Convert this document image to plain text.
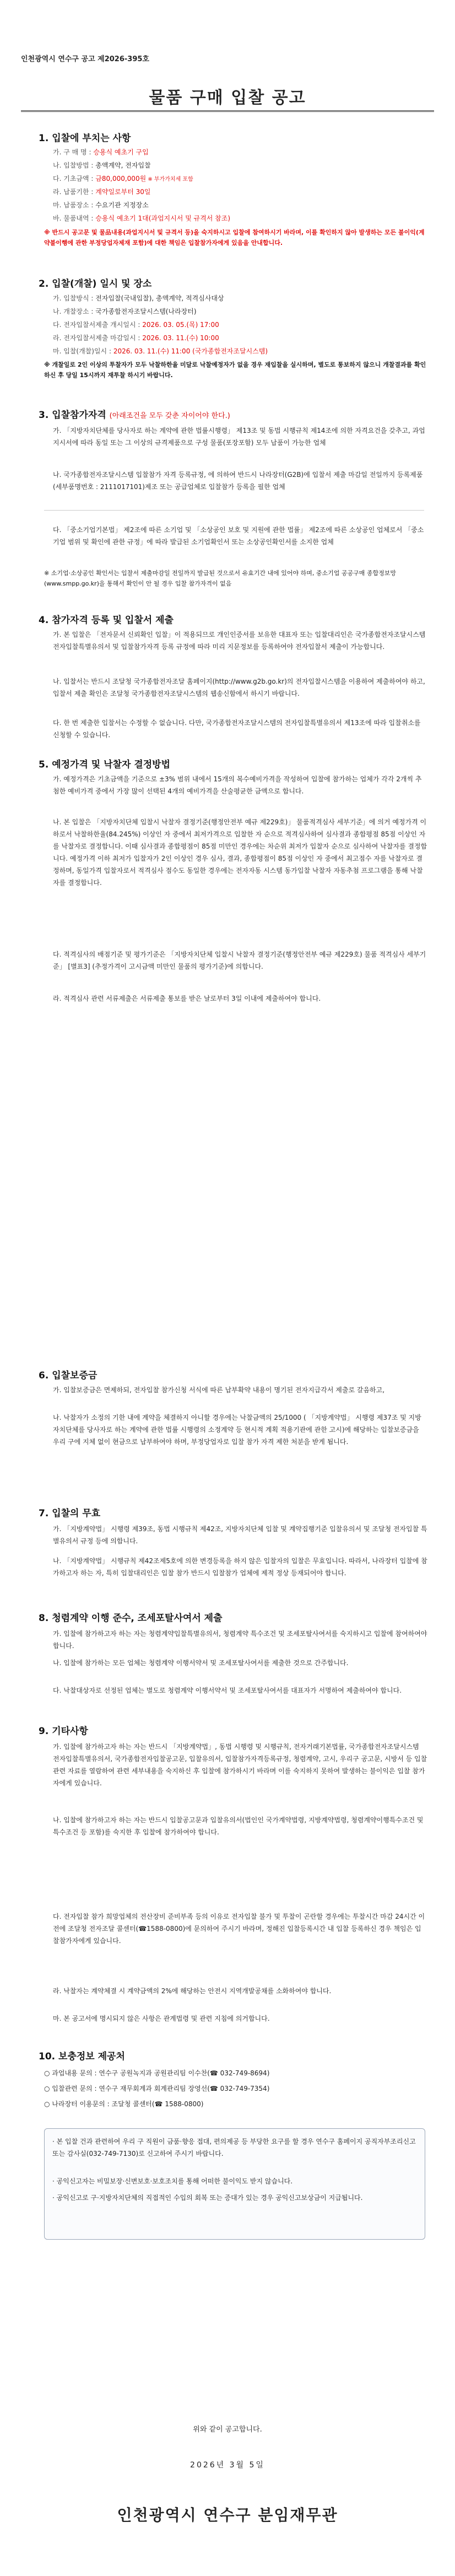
인천광역시 연수구 공고 제2026-395호
물품 구매 입찰 공고
1. 입찰에 부치는 사항
가. 구 매 명 : 승용식 예초기 구입
나. 입찰방법 : 총액계약, 전자입찰
다. 기초금액 : 금80,000,000원 ※ 부가가치세 포함
라. 납품기한 : 계약일로부터 30일
마. 납품장소 : 수요기관 지정장소
바. 물품내역 : 승용식 예초기 1대(과업지시서 및 규격서 참조)
※ 반드시 공고문 및 물品내용(과업지시서 및 규격서 등)을 숙지하시고 입찰에 참여하시기 바라며, 이를 확인하지 않아 발생하는 모든 불이익(계약불이행에 관한 부정당업자제재 포함)에 대한 책임은 입찰참가자에게 있음을 안내합니다.
2. 입찰(개찰) 일시 및 장소
가. 입찰방식 : 전자입찰(국내입찰), 총액계약, 적격심사대상
나. 개찰장소 : 국가종합전자조달시스템(나라장터)
다. 전자입찰서제출 개시일시 : 2026. 03. 05.(목) 17:00
라. 전자입찰서제출 마감일시 : 2026. 03. 11.(수) 10:00
마. 입찰(개찰)일시 : 2026. 03. 11.(수) 11:00 (국가종합전자조달시스템)
※ 개찰일로 2인 이상의 투찰자가 모두 낙찰하한율 미달로 낙찰예정자가 없을 경우 재입찰을 실시하며, 별도로 통보하지 않으니 개찰결과를 확인하신 후 당일 15시까지 재투찰 하시기 바랍니다.
3. 입찰참가자격 (아래조건을 모두 갖춘 자이어야 한다.)
가. 「지방자치단체를 당사자로 하는 계약에 관한 법률시행령」 제13조 및 동법 시행규칙 제14조에 의한 자격요건을 갖추고, 과업지시서에 따라 동일 또는 그 이상의 규격제품으로 구성 물품(포장포함) 모두 납품이 가능한 업체
나. 국가종합전자조달시스템 입찰참가 자격 등록규정, 에 의하여 반드시 나라장터(G2B)에 입찰서 제출 마감일 전일까지 등록제품(세부품명번호 : 2111017101)제조 또는 공급업체로 입찰참가 등록을 필한 업체
다. 「중소기업기본법」 제2조에 따른 소기업 및 「소상공인 보호 및 지원에 관한 법률」 제2조에 따른 소상공인 업체로서 「중소기업 범위 및 확인에 관한 규정」에 따라 발급된 소기업확인서 또는 소상공인확인서를 소지한 업체
※ 소기업·소상공인 확인서는 입찰서 제출마감일 전일까지 발급된 것으로서 유효기간 내에 있어야 하며, 중소기업 공공구매 종합정보망(www.smpp.go.kr)을 통해서 확인이 안 될 경우 입찰 참가자격이 없음
4. 참가자격 등록 및 입찰서 제출
가. 본 입찰은 「전자문서 신뢰확인 입찰」이 적용되므로 개인인증서를 보유한 대표자 또는 입찰대리인은 국가종합전자조달시스템 전자입찰특별유의서 및 입찰참가자격 등록 규정에 따라 미리 지문정보를 등록하여야 전자입찰서 제출이 가능합니다.
나. 입찰서는 반드시 조달청 국가종합전자조달 홈페이지(http://www.g2b.go.kr)의 전자입찰시스템을 이용하여 제출하여야 하고, 입찰서 제출 확인은 조달청 국가종합전자조달시스템의 웹송신함에서 하시기 바랍니다.
다. 한 번 제출한 입찰서는 수정할 수 없습니다. 다만, 국가종합전자조달시스템의 전자입찰특별유의서 제13조에 따라 입찰취소를 신청할 수 있습니다.
5. 예정가격 및 낙찰자 결정방법
가. 예정가격은 기초금액을 기준으로 ±3% 범위 내에서 15개의 복수예비가격을 작성하여 입찰에 참가하는 업체가 각각 2개씩 추첨한 예비가격 중에서 가장 많이 선택된 4개의 예비가격을 산술평균한 금액으로 합니다.
나. 본 입찰은 「지방자치단체 입찰시 낙찰자 결정기준(행정안전부 예규 제229호)」 물품적격심사 세부기준」에 의거 예정가격 이하로서 낙찰하한율(84.245%) 이상인 자 중에서 최저가격으로 입찰한 자 순으로 적격심사하여 심사결과 종합평점 85점 이상인 자를 낙찰자로 결정합니다. 이때 심사결과 종합평점이 85점 미만인 경우에는 차순위 최저가 입찰자 순으로 심사하여 낙찰자를 결정합니다. 예정가격 이하 최저가 입찰자가 2인 이상인 경우 심사, 결과, 종합평점이 85점 이상인 자 중에서 최고점수 자를 낙찰자로 결정하며, 동일가격 입찰자로서 적격심사 점수도 동일한 경우에는 전자자동 시스템 동가입찰 낙찰자 자동추첨 프로그램을 통해 낙찰자를 결정합니다.
다. 적격심사의 배점기준 및 평가기준은 「지방자치단체 입찰시 낙찰자 결정기준(행정안전부 예규 제229호) 물품 적격심사 세부기준」 [별표3] (추정가격이 고시금액 미만인 물품의 평가기준)에 의합니다.
라. 적격심사 관련 서류제출은 서류제출 통보를 받은 날로부터 3일 이내에 제출하여야 합니다.
6. 입찰보증금
가. 입찰보증금은 면제하되, 전자입찰 참가신청 서식에 따른 납부확약 내용이 명기된 전자지급각서 제출로 갈음하고,
나. 낙찰자가 소정의 기한 내에 계약을 체결하지 아니할 경우에는 낙찰금액의 25/1000 ( 「지방계약법」 시행령 제37조 및 지방자치단체를 당사자로 하는 계약에 관한 법률 시행령의 소정계약 등 현시적 계획 적용기관에 관한 고시)에 해당하는 입찰보증금을 우리 구에 지체 없이 현금으로 납부하여야 하며, 부정당업자로 입찰 참가 자격 제한 처분을 받게 됩니다.
7. 입찰의 무효
가. 「지방계약법」 시행령 제39조, 동법 시행규칙 제42조, 지방자치단체 입찰 및 계약집행기준 입찰유의서 및 조달청 전자입찰 특별유의서 규정 등에 의합니다.
나. 「지방계약법」 시행규칙 제42조제5호에 의한 변경등록을 하지 않은 입찰자의 입찰은 무효입니다. 따라서, 나라장터 입찰에 참가하고자 하는 자, 특히 입찰대리인은 입찰 참가 반드시 입찰참가 업체에 제적 정상 등재되어야 합니다.
8. 청렴계약 이행 준수, 조세포탈사여서 제출
가. 입찰에 참가하고자 하는 자는 청렴계약입찰특별유의서, 청렴계약 특수조건 및 조세포탈사여서를 숙지하시고 입찰에 참여하여야 합니다.
나. 입찰에 참가하는 모든 업체는 청렴계약 이행서약서 및 조세포탈사여서를 제출한 것으로 간주합니다.
다. 낙찰대상자로 선정된 업체는 별도로 청렴계약 이행서약서 및 조세포탈사여서를 대표자가 서명하여 제출하여야 합니다.
9. 기타사항
가. 입찰에 참가하고자 하는 자는 반드시 「지방계약법」, 동법 시행령 및 시행규칙, 전자거래기본법률, 국가종합전자조달시스템 전자입찰특별유의서, 국가종합전자입찰공고문, 입찰유의서, 입찰참가자격등록규정, 청렴계약, 고시, 우리구 공고문, 시방서 등 입찰관련 자료를 열람하여 관련 세부내용을 숙지하신 후 입찰에 참가하시기 바라며 이를 숙지하지 못하여 발생하는 불이익은 입찰 참가자에게 있습니다.
나. 입찰에 참가하고자 하는 자는 반드시 입찰공고문과 입찰유의서(법인인 국가계약법령, 지방계약법령, 청렴계약이행특수조건 및 특수조건 등 포함)를 숙지한 후 입찰에 참가하여야 합니다.
다. 전자입찰 참가 희망업체의 전산장비 준비부족 등의 이유로 전자입찰 불가 및 투찰이 곤란할 경우에는 투찰시간 마감 24시간 이전에 조달청 전자조달 콜센터(☎1588-0800)에 문의하여 주시기 바라며, 정해진 입찰등록시간 내 입찰 등록하신 경우 책임은 입찰참가자에게 있습니다.
라. 낙찰자는 계약체결 시 계약금액의 2%에 해당하는 안전시 지역개발공채를 소화하여야 합니다.
마. 본 공고서에 명시되지 않은 사항은 관계법령 및 관련 지침에 의거합니다.
10. 보충정보 제공처
○ 과업내용 문의 : 연수구 공원녹지과 공원관리팀 이수찬(☎ 032-749-8694)
○ 입찰관련 문의 : 연수구 재무회계과 회계관리팀 장영선(☎ 032-749-7354)
○ 나라장터 이용문의 : 조달청 콜센터(☎ 1588-0800)
· 본 입찰 건과 관련하여 우리 구 직원이 금품·향응 접대, 편의제공 등 부당한 요구를 할 경우 연수구 홈페이지 공직자부조리신고 또는 감사실(032-749-7130)로 신고하여 주시기 바랍니다.
· 공익신고자는 비밀보장·신변보호·보호조치를 통해 어떠한 불이익도 받지 않습니다.
· 공익신고로 구·지방자치단체의 직접적인 수입의 회복 또는 증대가 있는 경우 공익신고보상금이 지급됩니다.
위와 같이 공고합니다.
2026년 3월 5일
인천광역시 연수구 분임재무관
